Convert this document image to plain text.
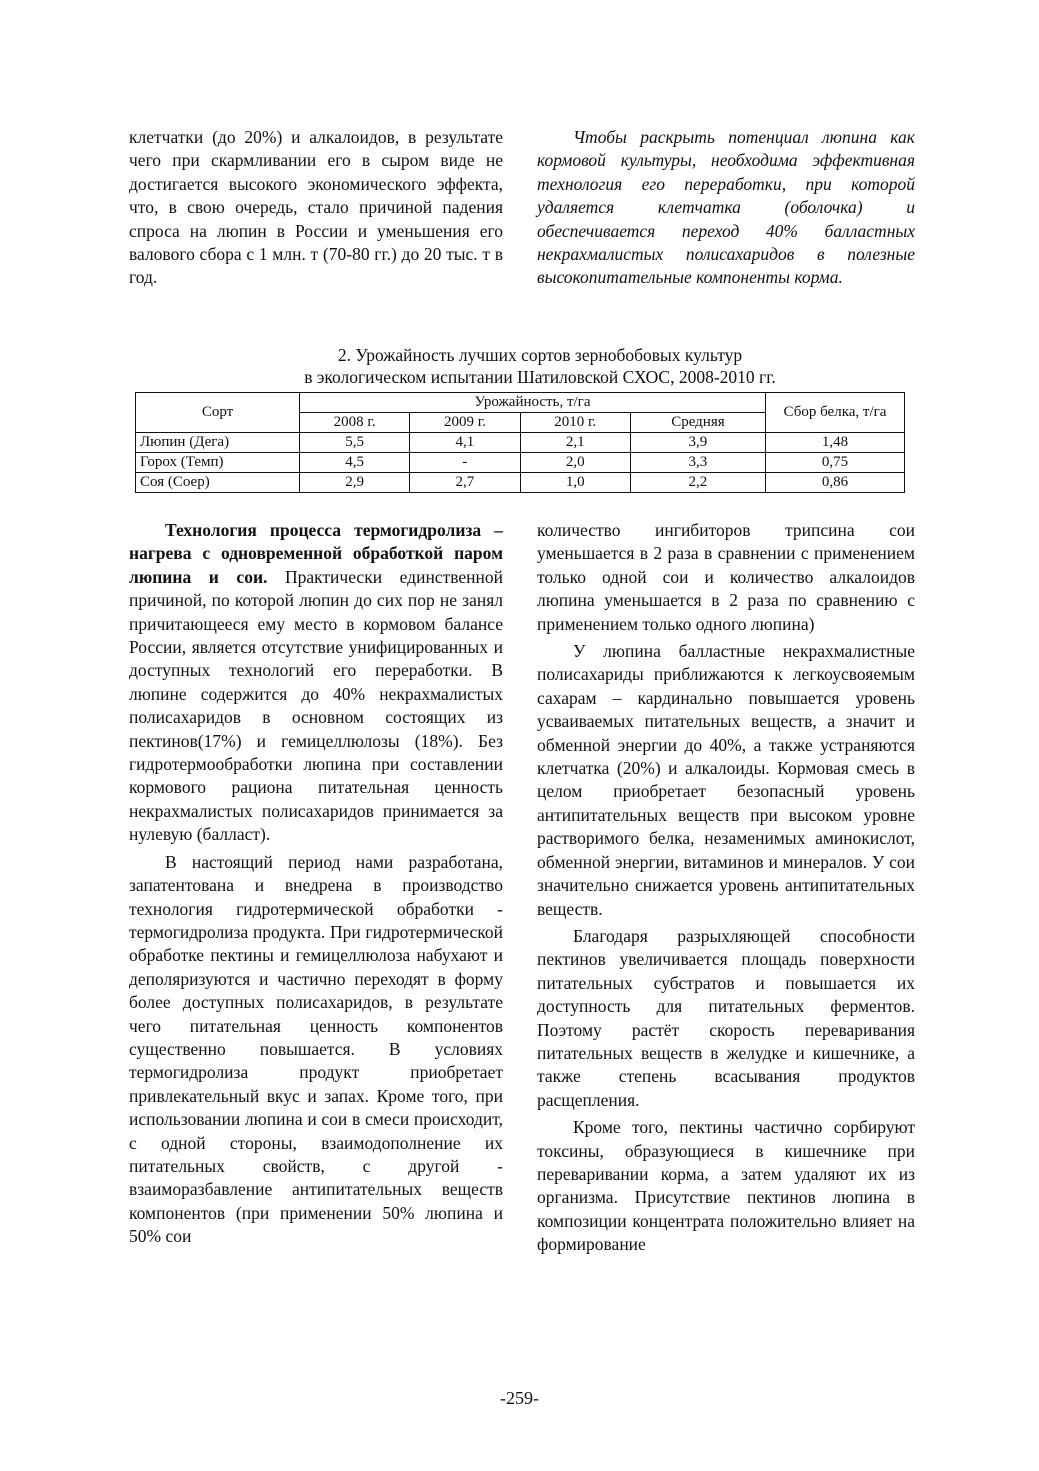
клетчатки (до 20%) и алкалоидов, в результате чего при скармливании его в сыром виде не достигается высокого экономического эффекта, что, в свою очередь, стало причиной падения спроса на люпин в России и уменьшения его валового сбора с 1 млн. т (70-80 гг.) до 20 тыс. т в год.

Чтобы раскрыть потенциал люпина как кормовой культуры, необходима эффективная технология его переработки, при которой удаляется клетчатка (оболочка) и обеспечивается переход 40% балластных некрахмалистых полисахаридов в полезные высокопитательные компоненты корма.

2. Урожайность лучших сортов зернобобовых культур
в экологическом испытании Шатиловской СХОС, 2008-2010 гг.
Сорт	Урожайность, т/га				Сбор белка, т/га
	2008 г.	2009 г.	2010 г.	Средняя	
Люпин (Дега)	5,5	4,1	2,1	3,9	1,48
Горох (Темп)	4,5	-	2,0	3,3	0,75
Соя (Соер)	2,9	2,7	1,0	2,2	0,86

Технология процесса термогидролиза – нагрева с одновременной обработкой паром люпина и сои. Практически единственной причиной, по которой люпин до сих пор не занял причитающееся ему место в кормовом балансе России, является отсутствие унифицированных и доступных технологий его переработки. В люпине содержится до 40% некрахмалистых полисахаридов в основном состоящих из пектинов(17%) и гемицеллюлозы (18%). Без гидротермообработки люпина при составлении кормового рациона питательная ценность некрахмалистых полисахаридов принимается за нулевую (балласт).

В настоящий период нами разработана, запатентована и внедрена в производство технология гидротермической обработки - термогидролиза продукта. При гидротермической обработке пектины и гемицеллюлоза набухают и деполяризуются и частично переходят в форму более доступных полисахаридов, в результате чего питательная ценность компонентов существенно повышается. В условиях термогидролиза продукт приобретает привлекательный вкус и запах. Кроме того, при использовании люпина и сои в смеси происходит, с одной стороны, взаимодополнение их питательных свойств, с другой - взаиморазбавление антипитательных веществ компонентов (при применении 50% люпина и 50% сои

количество ингибиторов трипсина сои уменьшается в 2 раза в сравнении с применением только одной сои и количество алкалоидов люпина уменьшается в 2 раза по сравнению с применением только одного люпина)

У люпина балластные некрахмалистные полисахариды приближаются к легкоусвояемым сахарам – кардинально повышается уровень усваиваемых питательных веществ, а значит и обменной энергии до 40%, а также устраняются клетчатка (20%) и алкалоиды. Кормовая смесь в целом приобретает безопасный уровень антипитательных веществ при высоком уровне растворимого белка, незаменимых аминокислот, обменной энергии, витаминов и минералов. У сои значительно снижается уровень антипитательных веществ.

Благодаря разрыхляющей способности пектинов увеличивается площадь поверхности питательных субстратов и повышается их доступность для питательных ферментов. Поэтому растёт скорость переваривания питательных веществ в желудке и кишечнике, а также степень всасывания продуктов расщепления.

Кроме того, пектины частично сорбируют токсины, образующиеся в кишечнике при переваривании корма, а затем удаляют их из организма. Присутствие пектинов люпина в композиции концентрата положительно влияет на формирование

-259-
